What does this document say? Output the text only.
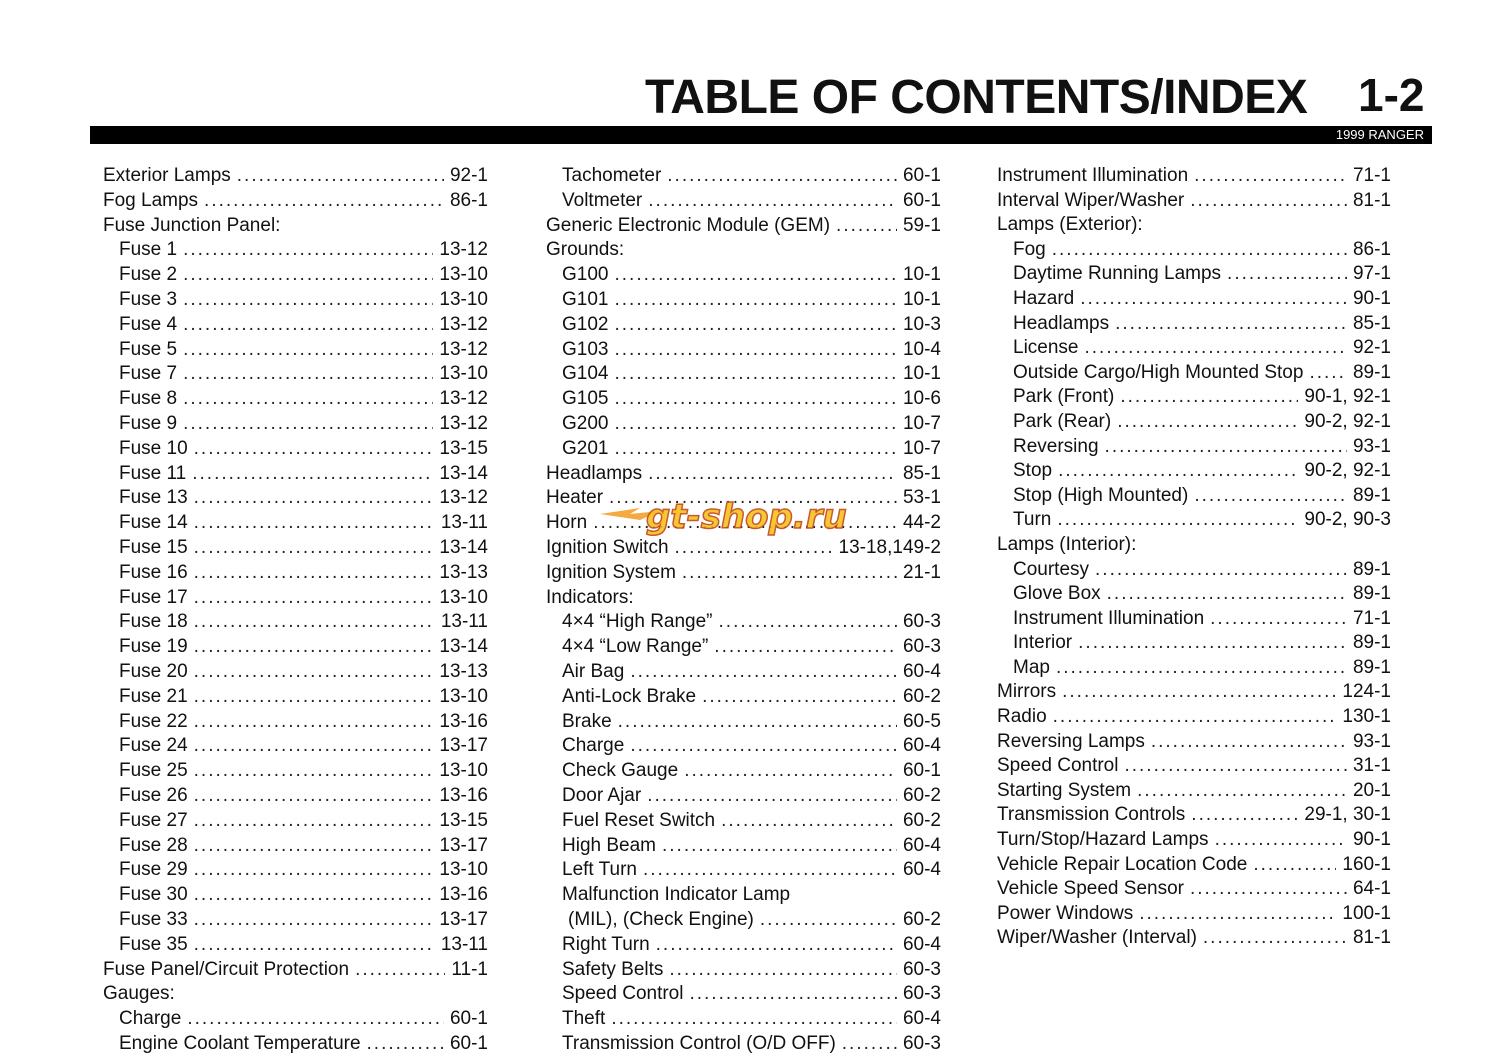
TABLE OF CONTENTS/INDEX 1-2
1999 RANGER
Exterior Lamps .....	92-1
Fog Lamps .....	86-1
Fuse Junction Panel:
Fuse 1 .....	13-12
Fuse 2 .....	13-10
Fuse 3 .....	13-10
Fuse 4 .....	13-12
Fuse 5 .....	13-12
Fuse 7 .....	13-10
Fuse 8 .....	13-12
Fuse 9 .....	13-12
Fuse 10 .....	13-15
Fuse 11 .....	13-14
Fuse 13 .....	13-12
Fuse 14 .....	13-11
Fuse 15 .....	13-14
Fuse 16 .....	13-13
Fuse 17 .....	13-10
Fuse 18 .....	13-11
Fuse 19 .....	13-14
Fuse 20 .....	13-13
Fuse 21 .....	13-10
Fuse 22 .....	13-16
Fuse 24 .....	13-17
Fuse 25 .....	13-10
Fuse 26 .....	13-16
Fuse 27 .....	13-15
Fuse 28 .....	13-17
Fuse 29 .....	13-10
Fuse 30 .....	13-16
Fuse 33 .....	13-17
Fuse 35 .....	13-11
Fuse Panel/Circuit Protection .....	11-1
Gauges:
Charge .....	60-1
Engine Coolant Temperature .....	60-1
Tachometer .....	60-1
Voltmeter .....	60-1
Generic Electronic Module (GEM) .....	59-1
Grounds:
G100 .....	10-1
G101 .....	10-1
G102 .....	10-3
G103 .....	10-4
G104 .....	10-1
G105 .....	10-6
G200 .....	10-7
G201 .....	10-7
Headlamps .....	85-1
Heater .....	53-1
Horn .....	44-2
Ignition Switch .....	13-18,149-2
Ignition System .....	21-1
Indicators:
4×4 “High Range” .....	60-3
4×4 “Low Range” .....	60-3
Air Bag .....	60-4
Anti-Lock Brake .....	60-2
Brake .....	60-5
Charge .....	60-4
Check Gauge .....	60-1
Door Ajar .....	60-2
Fuel Reset Switch .....	60-2
High Beam .....	60-4
Left Turn .....	60-4
Malfunction Indicator Lamp
(MIL), (Check Engine) .....	60-2
Right Turn .....	60-4
Safety Belts .....	60-3
Speed Control .....	60-3
Theft .....	60-4
Transmission Control (O/D OFF) .....	60-3
Instrument Illumination .....	71-1
Interval Wiper/Washer .....	81-1
Lamps (Exterior):
Fog .....	86-1
Daytime Running Lamps .....	97-1
Hazard .....	90-1
Headlamps .....	85-1
License .....	92-1
Outside Cargo/High Mounted Stop .....	89-1
Park (Front) .....	90-1, 92-1
Park (Rear) .....	90-2, 92-1
Reversing .....	93-1
Stop .....	90-2, 92-1
Stop (High Mounted) .....	89-1
Turn .....	90-2, 90-3
Lamps (Interior):
Courtesy .....	89-1
Glove Box .....	89-1
Instrument Illumination .....	71-1
Interior .....	89-1
Map .....	89-1
Mirrors .....	124-1
Radio .....	130-1
Reversing Lamps .....	93-1
Speed Control .....	31-1
Starting System .....	20-1
Transmission Controls .....	29-1, 30-1
Turn/Stop/Hazard Lamps .....	90-1
Vehicle Repair Location Code .....	160-1
Vehicle Speed Sensor .....	64-1
Power Windows .....	100-1
Wiper/Washer (Interval) .....	81-1
gt-shop.ru
